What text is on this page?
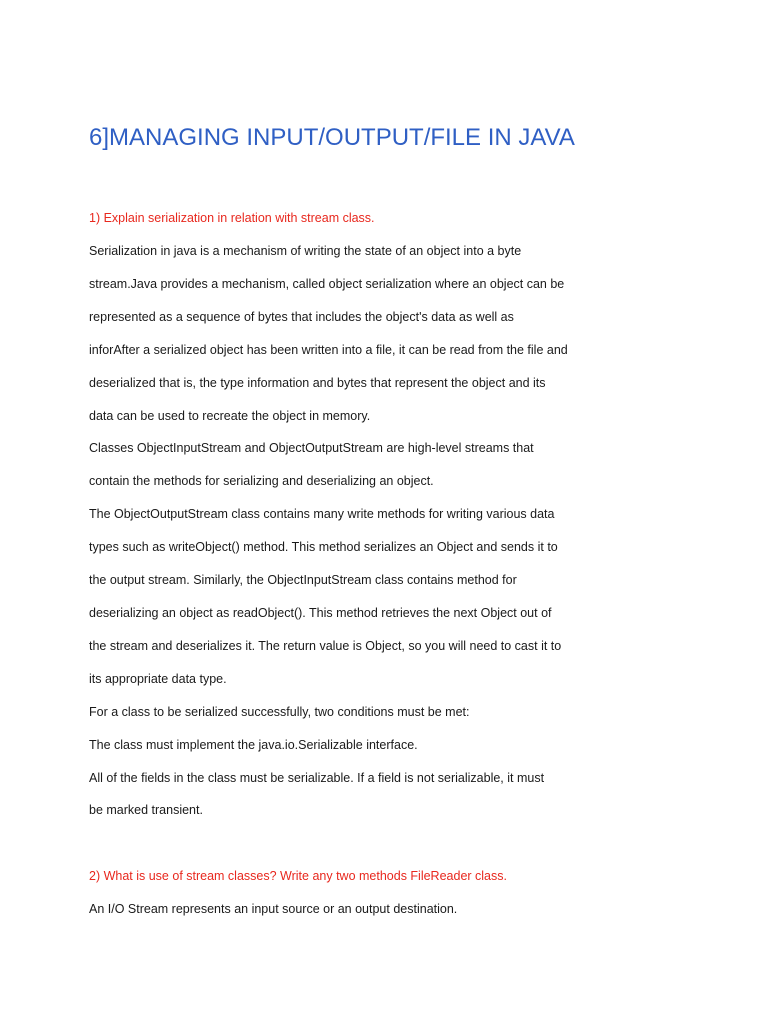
6]MANAGING INPUT/OUTPUT/FILE IN JAVA
1) Explain serialization in relation with stream class.
Serialization in java is a mechanism of writing the state of an object into a byte
stream.Java provides a mechanism, called object serialization where an object can be
represented as a sequence of bytes that includes the object's data as well as
inforAfter a serialized object has been written into a file, it can be read from the file and
deserialized that is, the type information and bytes that represent the object and its
data can be used to recreate the object in memory.
Classes ObjectInputStream and ObjectOutputStream are high-level streams that
contain the methods for serializing and deserializing an object.
The ObjectOutputStream class contains many write methods for writing various data
types such as writeObject() method. This method serializes an Object and sends it to
the output stream. Similarly, the ObjectInputStream class contains method for
deserializing an object as readObject(). This method retrieves the next Object out of
the stream and deserializes it. The return value is Object, so you will need to cast it to
its appropriate data type.
For a class to be serialized successfully, two conditions must be met:
The class must implement the java.io.Serializable interface.
All of the fields in the class must be serializable. If a field is not serializable, it must
be marked transient.
2) What is use of stream classes? Write any two methods FileReader class.
An I/O Stream represents an input source or an output destination.
